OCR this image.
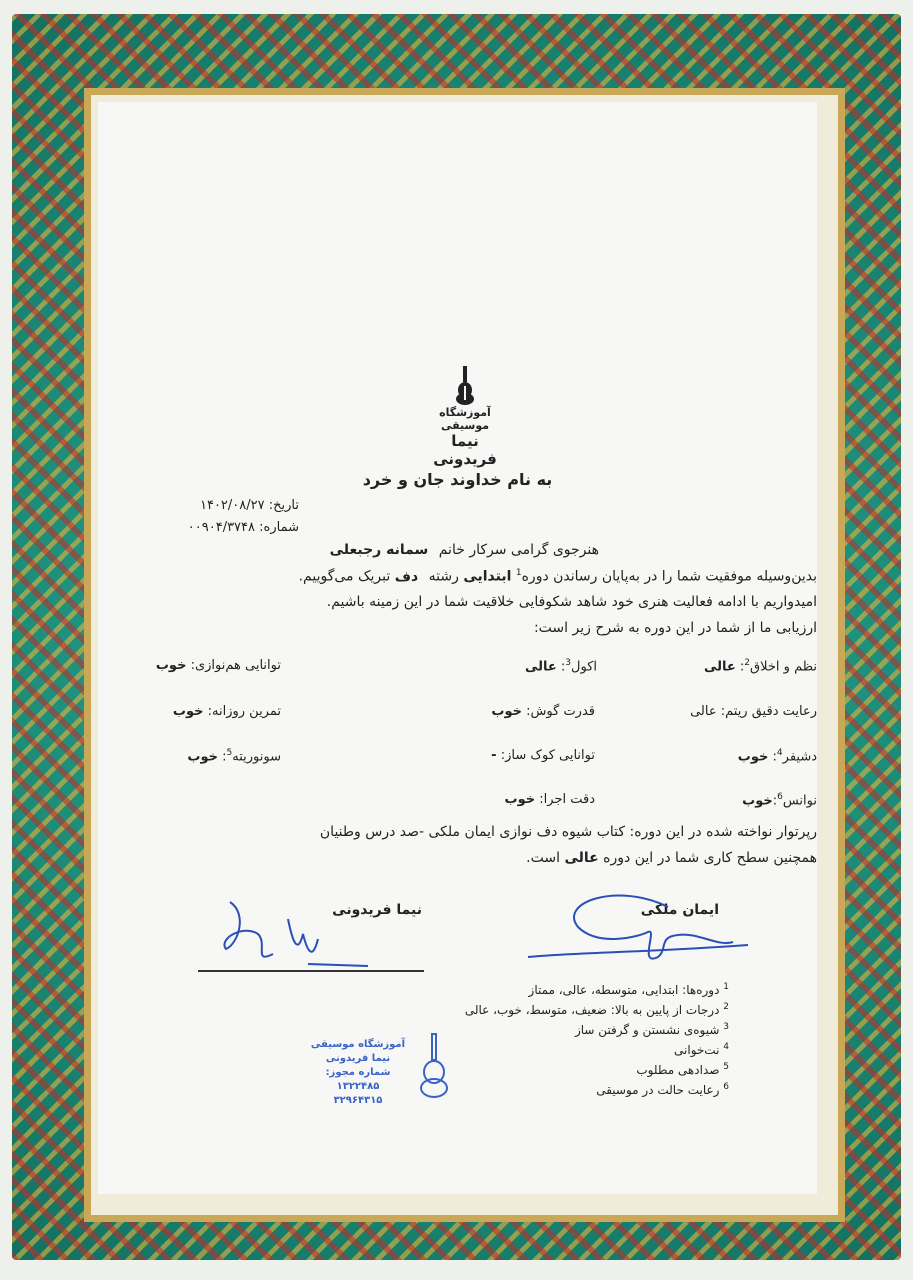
آموزشگاه موسیقی
نیما فریدونی
به نام خداوند جان و خرد
تاریخ: ۱۴۰۲/۰۸/۲۷
شماره: ۰۰۹۰۴/۳۷۴۸
هنرجوی گرامی سرکار خانم سمانه رجبعلی
بدین‌وسیله موفقیت شما را در به‌پایان رساندن دوره$^1$ ابتدایی رشته دف تبریک می‌گوییم.
امیدواریم با ادامه فعالیت هنری خود شاهد شکوفایی خلاقیت شما در این زمینه باشیم.
ارزیابی ما از شما در این دوره به شرح زیر است:
نظم و اخلاق$^2$: عالی
اکول$^3$: عالی
توانایی هم‌نوازی: خوب
رعایت دقیق ریتم: عالی
قدرت گوش: خوب
تمرین روزانه: خوب
دشیفر$^4$: خوب
توانایی کوک ساز: -
سونوریته$^5$: خوب
نوانس$^6$:خوب
دقت اجرا: خوب
رپرتوار نواخته شده در این دوره: کتاب شیوه دف نوازی ایمان ملکی -صد درس وطنیان
همچنین سطح کاری شما در این دوره عالی است.
ایمان ملکی
نیما فریدونی
$^1$ دوره‌ها: ابتدایی، متوسطه، عالی، ممتاز
$^2$ درجات از پایین به بالا: ضعیف، متوسط، خوب، عالی
$^3$ شیوه‌ی نشستن و گرفتن ساز
$^4$ نت‌خوانی
$^5$ صدادهی مطلوب
$^6$ رعایت حالت در موسیقی
آموزشگاه موسیقی
نیما فریدونی
شماره مجوز: ۱۳۲۲۴۸۵
۳۲۹۶۴۳۱۵
